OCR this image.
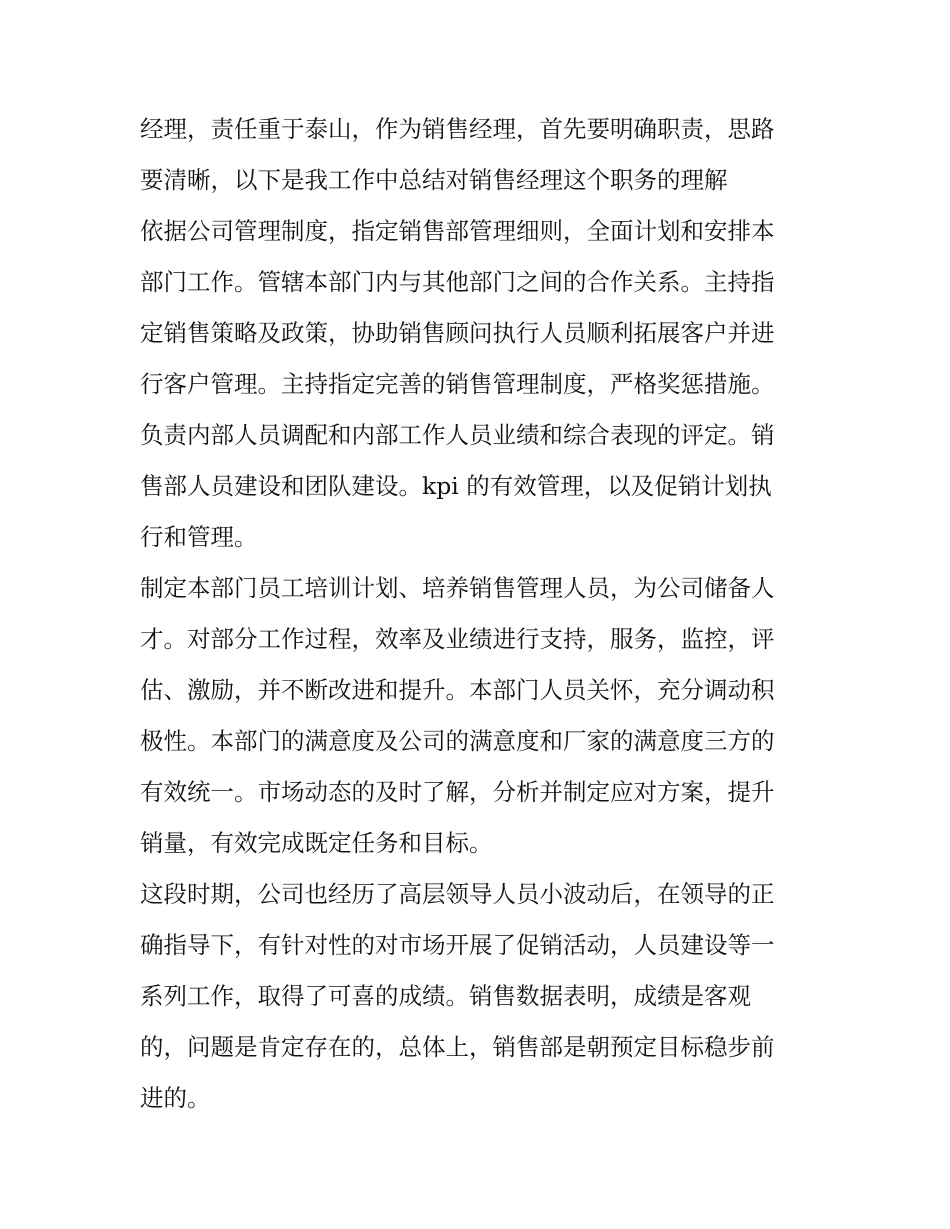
经理，责任重于泰山，作为销售经理，首先要明确职责，思路
要清晰，以下是我工作中总结对销售经理这个职务的理解
依据公司管理制度，指定销售部管理细则，全面计划和安排本
部门工作。管辖本部门内与其他部门之间的合作关系。主持指
定销售策略及政策，协助销售顾问执行人员顺利拓展客户并进
行客户管理。主持指定完善的销售管理制度，严格奖惩措施。
负责内部人员调配和内部工作人员业绩和综合表现的评定。销
售部人员建设和团队建设。kpi 的有效管理，以及促销计划执
行和管理。
制定本部门员工培训计划、培养销售管理人员，为公司储备人
才。对部分工作过程，效率及业绩进行支持，服务，监控，评
估、激励，并不断改进和提升。本部门人员关怀，充分调动积
极性。本部门的满意度及公司的满意度和厂家的满意度三方的
有效统一。市场动态的及时了解，分析并制定应对方案，提升
销量，有效完成既定任务和目标。
这段时期，公司也经历了高层领导人员小波动后，在领导的正
确指导下，有针对性的对市场开展了促销活动，人员建设等一
系列工作，取得了可喜的成绩。销售数据表明，成绩是客观
的，问题是肯定存在的，总体上，销售部是朝预定目标稳步前
进的。
